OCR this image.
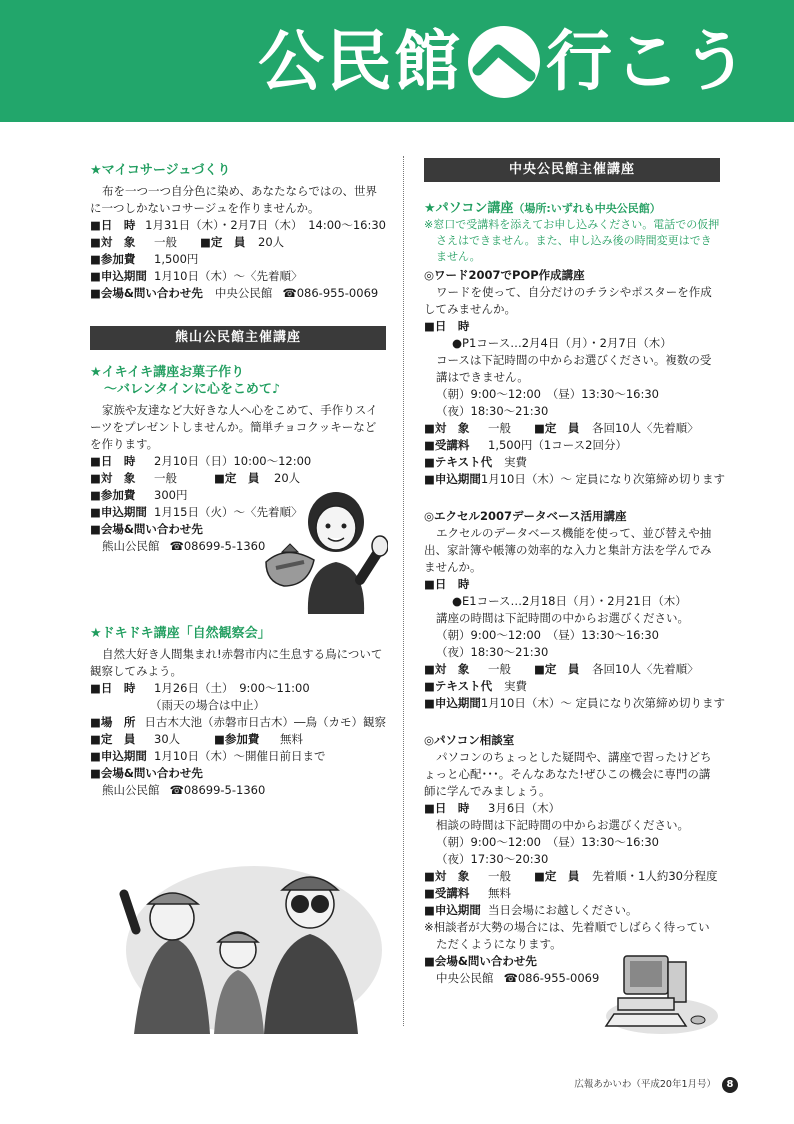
公民館 行こう
★マイコサージュづくり

布を一つ一つ自分色に染め、あなたならではの、世界に一つしかないコサージュを作りませんか。

■日　時 1月31日（木）・2月7日（木）　14:00〜16:30
■対　象	一般	■定　員	20人
■参加費	1,500円
■申込期間 1月10日（木）〜〈先着順〉
■会場&問い合わせ先 中央公民館 ☎086-955-0069
熊山公民館主催講座
★イキイキ講座お菓子作り
〜バレンタインに心をこめて♪

家族や友達など大好きな人へ心をこめて、手作りスイーツをプレゼントしませんか。簡単チョコクッキーなどを作ります。

■日　時	2月10日（日）10:00〜12:00
■対　象	一般	■定　員	20人
■参加費	300円
■申込期間 1月15日（火）〜〈先着順〉
■会場&問い合わせ先
熊山公民館 ☎08699-5-1360
★ドキドキ講座「自然観察会」

自然大好き人間集まれ!赤磐市内に生息する鳥について観察してみよう。

■日　時	1月26日（土）　9:00〜11:00
（雨天の場合は中止）
■場　所 日古木大池（赤磐市日古木）―鳥（カモ）観察
■定　員	30人	■参加費	無料
■申込期間 1月10日（木）〜開催日前日まで
■会場&問い合わせ先
熊山公民館 ☎08699-5-1360
中央公民館主催講座
★パソコン講座（場所:いずれも中央公民館）

※窓口で受講料を添えてお申し込みください。電話での仮押さえはできません。また、申し込み後の時間変更はできません。

◎ワード2007でPOP作成講座

ワードを使って、自分だけのチラシやポスターを作成してみませんか。

■日　時
●P1コース…2月4日（月）・2月7日（木）

コースは下記時間の中からお選びください。複数の受講はできません。

（朝）9:00〜12:00　（昼）13:30〜16:30
（夜）18:30〜21:30
■対　象	一般	■定　員	各回10人〈先着順〉
■受講料	1,500円（1コース2回分）
■テキスト代	実費
■申込期間 1月10日（木）〜 定員になり次第締め切ります
◎エクセル2007データベース活用講座

エクセルのデータベース機能を使って、並び替えや抽出、家計簿や帳簿の効率的な入力と集計方法を学んでみませんか。

■日　時
●E1コース…2月18日（月）・2月21日（木）

講座の時間は下記時間の中からお選びください。

（朝）9:00〜12:00　（昼）13:30〜16:30
（夜）18:30〜21:30
■対　象	一般	■定　員	各回10人〈先着順〉
■テキスト代	実費
■申込期間 1月10日（木）〜 定員になり次第締め切ります
◎パソコン相談室

パソコンのちょっとした疑問や、講座で習ったけどちょっと心配･･･。そんなあなた!ぜひこの機会に専門の講師に学んでみましょう。

■日　時	3月6日（木）
相談の時間は下記時間の中からお選びください。
（朝）9:00〜12:00　（昼）13:30〜16:30
（夜）17:30〜20:30
■対　象	一般	■定　員	先着順・1人約30分程度
■受講料	無料
■申込期間 当日会場にお越しください。

※相談者が大勢の場合には、先着順でしばらく待っていただくようになります。

■会場&問い合わせ先
中央公民館 ☎086-955-0069
広報あかいわ（平成20年1月号）	8
